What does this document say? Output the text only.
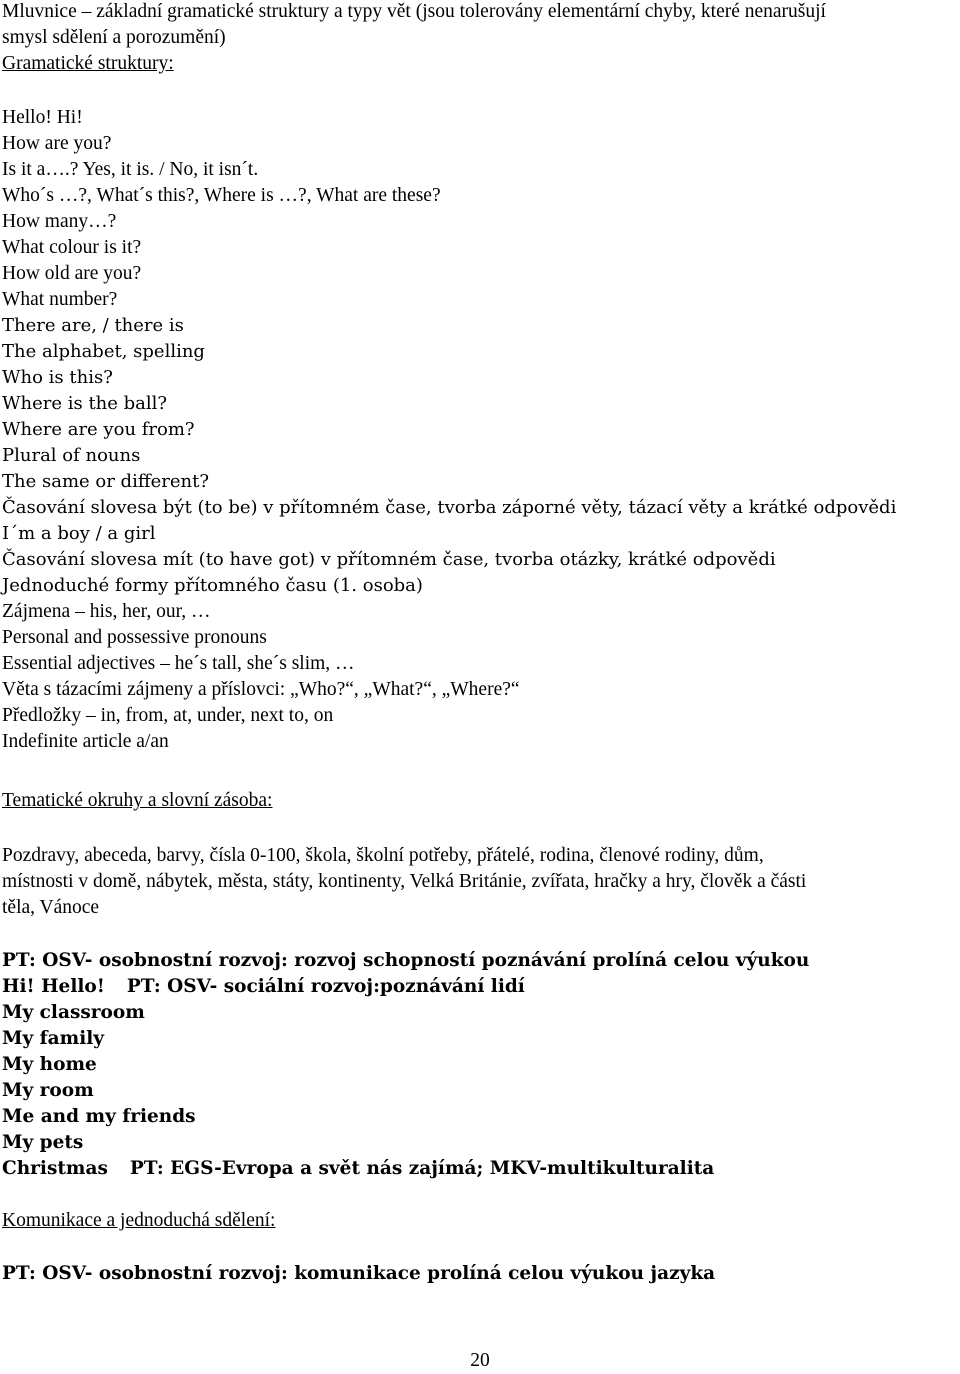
Mluvnice – základní gramatické struktury a typy vět (jsou tolerovány elementární chyby, které nenarušují
smysl sdělení a porozumění)
Gramatické struktury:
Hello! Hi!
How are you?
Is it a….? Yes, it is. / No, it isn´t.
Who´s …?, What´s this?, Where is …?, What are these?
How many…?
What colour is it?
How old are you?
What number?
There are, / there is
The alphabet, spelling
Who is this?
Where is the ball?
Where are you from?
Plural of nouns
The same or different?
Časování slovesa být (to be) v přítomném čase, tvorba záporné věty, tázací věty a krátké odpovědi
I´m a boy / a girl
Časování slovesa mít (to have got) v přítomném čase, tvorba otázky, krátké odpovědi
Jednoduché formy přítomného času (1. osoba)
Zájmena – his, her, our, …
Personal and possessive pronouns
Essential adjectives – he´s tall, she´s slim, …
Věta s tázacími zájmeny a příslovci: „Who?“, „What?“, „Where?“
Předložky – in, from, at, under, next to, on
Indefinite article a/an
Tematické okruhy a slovní zásoba:
Pozdravy, abeceda, barvy, čísla 0-100, škola, školní potřeby, přátelé, rodina, členové rodiny, dům,
místnosti v domě, nábytek, města, státy, kontinenty, Velká Británie, zvířata, hračky a hry, člověk a části
těla, Vánoce
PT: OSV- osobnostní rozvoj: rozvoj schopností poznávání prolíná celou výukou
Hi! Hello! PT: OSV- sociální rozvoj:poznávání lidí
My classroom
My family
My home
My room
Me and my friends
My pets
Christmas PT: EGS-Evropa a svět nás zajímá; MKV-multikulturalita
Komunikace a jednoduchá sdělení:
PT: OSV- osobnostní rozvoj: komunikace prolíná celou výukou jazyka
20
